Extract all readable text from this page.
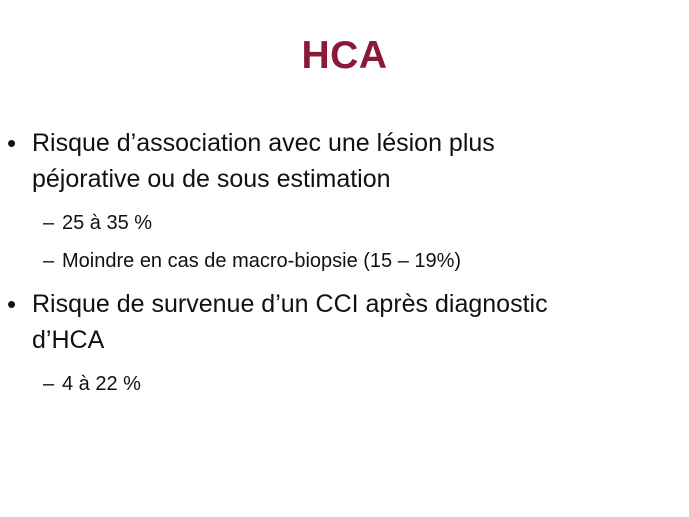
HCA
• Risque d’association avec une lésion plus
péjorative ou de sous estimation
– 25 à 35 %
– Moindre en cas de macro-biopsie (15 – 19%)
• Risque de survenue d’un CCI après diagnostic
d’HCA
– 4 à 22 %
